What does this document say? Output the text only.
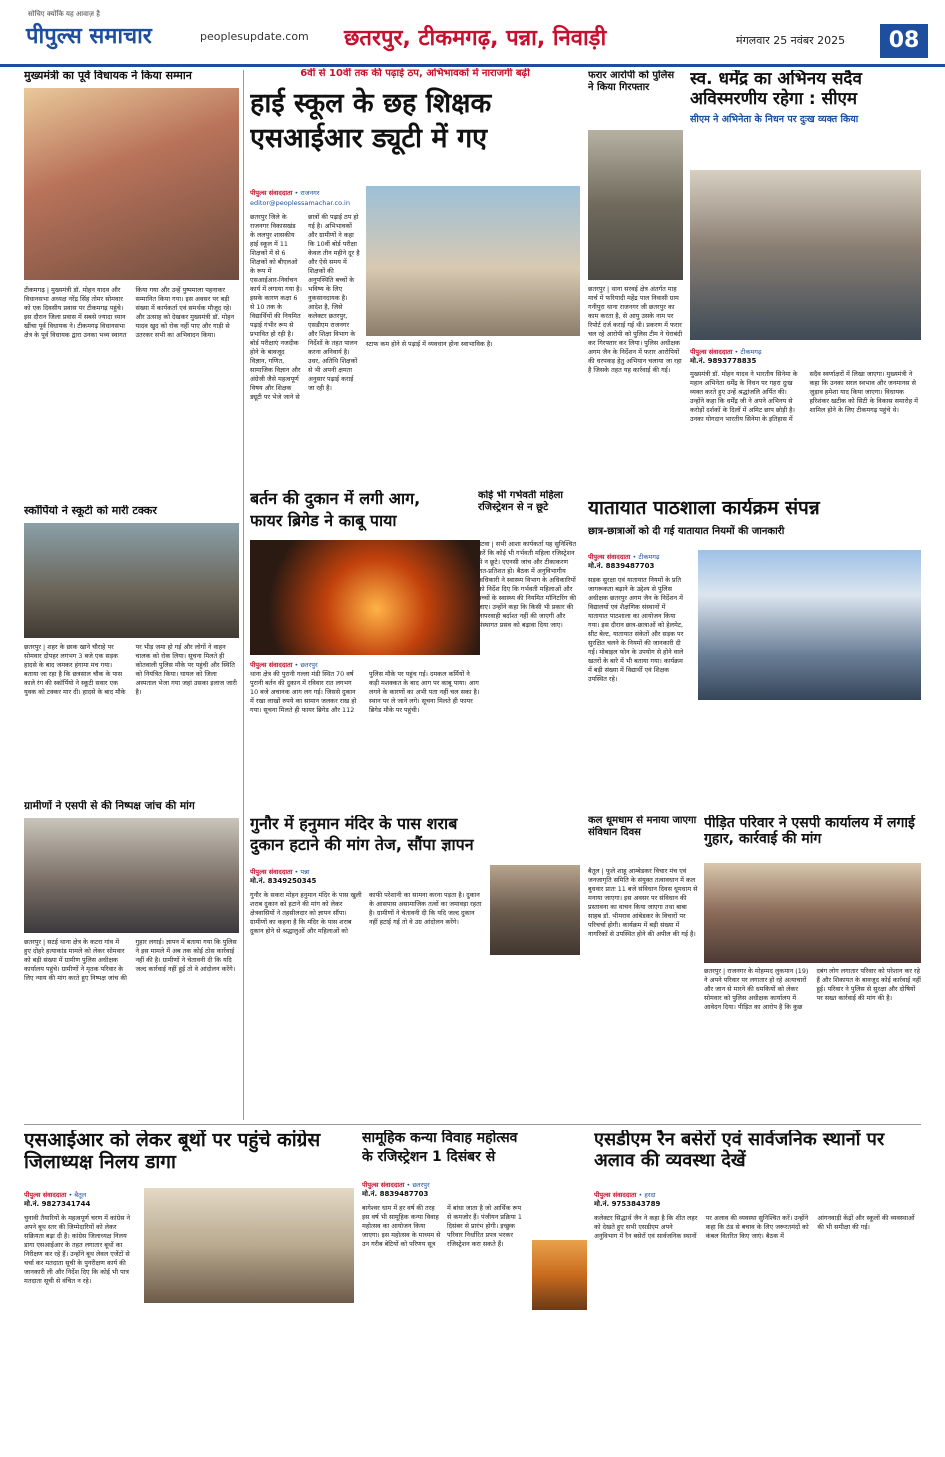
सोचिए क्योंकि यह आवाज़ है
पीपुल्स समाचार	peoplesupdate.com छतरपुर, टीकमगढ़, पन्ना, निवाड़ी	मंगलवार 25 नवंबर 2025	08
मुख्यमंत्री का पूर्व विधायक ने किया सम्मान
टीकमगढ़ | मुख्यमंत्री डॉ. मोहन यादव और विधानसभा अध्यक्ष नरेंद्र सिंह तोमर सोमवार को एक दिवसीय प्रवास पर टीकमगढ़ पहुंचे। इस दौरान जिला प्रवास में सबसे ज्यादा ध्यान खींचा पूर्व विधायक ने। टीकमगढ़ विधानसभा क्षेत्र के पूर्व विधायक द्वारा उनका भव्य स्वागत किया गया और उन्हें पुष्पमाला पहनाकर सम्मानित किया गया। इस अवसर पर बड़ी संख्या में कार्यकर्ता एवं समर्थक मौजूद रहे। और उत्साह को देखकर मुख्यमंत्री डॉ. मोहन यादव खुद को रोक नहीं पाए और गाड़ी से उतरकर सभी का अभिवादन किया।
स्कॉर्पियो ने स्कूटी को मारी टक्कर
छतरपुर | शहर के छाक खाने चौराहे पर सोमवार दोपहर लगभग 3 बजे एक सड़क हादसे के बाद जमकर हंगामा मच गया। बताया जा रहा है कि छत्रसाल चौक के पास काले रंग की स्कॉर्पियो ने स्कूटी सवार एक युवक को टक्कर मार दी। हादसे के बाद मौके पर भीड़ जमा हो गई और लोगों ने वाहन चालक को रोक लिया। सूचना मिलते ही कोतवाली पुलिस मौके पर पहुंची और स्थिति को नियंत्रित किया। घायल को जिला अस्पताल भेजा गया जहां उसका इलाज जारी है।
ग्रामीणों ने एसपी से की निष्पक्ष जांच की मांग
छतरपुर | सटई थाना क्षेत्र के कटरा गांव में हुए दोहरे हत्याकांड मामले को लेकर सोमवार को बड़ी संख्या में ग्रामीण पुलिस अधीक्षक कार्यालय पहुंचे। ग्रामीणों ने मृतक परिवार के लिए न्याय की मांग करते हुए निष्पक्ष जांच की गुहार लगाई। ज्ञापन में बताया गया कि पुलिस ने इस मामले में अब तक कोई ठोस कार्रवाई नहीं की है। ग्रामीणों ने चेतावनी दी कि यदि जल्द कार्रवाई नहीं हुई तो वे आंदोलन करेंगे।
6वीं से 10वीं तक की पढ़ाई ठप, अभिभावकों में नाराजगी बढ़ी
हाई स्कूल के छह शिक्षक
एसआईआर ड्यूटी में गए
पीपुल्स संवाददाता • राजनगर
editor@peoplessamachar.co.in
छतरपुर जिले के राजनगर विकासखंड के ललपुर शासकीय हाई स्कूल में 11 शिक्षकों में से 6 शिक्षकों को बीएलओ के रूप में एसआईआर-निर्वाचन कार्य में लगाया गया है। इसके कारण कक्षा 6 से 10 तक के विद्यार्थियों की नियमित पढ़ाई गंभीर रूप से प्रभावित हो रही है। बोर्ड परीक्षाएं नजदीक होने के बावजूद विज्ञान, गणित, सामाजिक विज्ञान और अंग्रेजी जैसे महत्वपूर्ण विषय और शिक्षक ड्यूटी पर भेजे जाने से छात्रों की पढ़ाई ठप हो गई है। अभिभावकों और ग्रामीणों ने कहा कि 10वीं बोर्ड परीक्षा केवल तीन महीने दूर है और ऐसे समय में शिक्षकों की अनुपस्थिति बच्चों के भविष्य के लिए नुकसानदायक है। आदेश है, जिसे कलेक्टर छतरपुर, एसडीएम राजनगर और शिक्षा विभाग के निर्देशों के तहत पालन करना अनिवार्य है। उधर, अतिथि शिक्षकों से भी अपनी क्षमता अनुसार पढ़ाई कराई जा रही है।
स्टाफ कम होने से पढ़ाई में व्यवधान होना स्वाभाविक है।
बर्तन की दुकान में लगी आग,
फायर ब्रिगेड ने काबू पाया
पीपुल्स संवाददाता • छतरपुर
थाना क्षेत्र की पुरानी गल्ला मंडी स्थित 70 वर्ष पुरानी बर्तन की दुकान में रविवार रात लगभग 10 बजे अचानक आग लग गई। जिससे दुकान में रखा लाखों रुपये का सामान जलकर राख हो गया। सूचना मिलते ही फायर ब्रिगेड और 112 पुलिस मौके पर पहुंच गई। दमकल कर्मियों ने कड़ी मशक्कत के बाद आग पर काबू पाया। आग लगने के कारणों का अभी पता नहीं चल सका है। स्थान पर ले जाने लगे। सूचना मिलते ही फायर ब्रिगेड मौके पर पहुंची।
फरार आरोपी को पुलिस ने किया गिरफ्तार
छतरपुर | थाना सरवई क्षेत्र अंतर्गत माह मार्च में फरियादी महेंद्र पाल निवासी ग्राम गनीपुरा थाना राजनगर जी छतरपुर का काम करता है, से आयु उसके नाम पर रिपोर्ट दर्ज कराई गई थी। प्रकरण में फरार चल रहे आरोपी को पुलिस टीम ने घेराबंदी कर गिरफ्तार कर लिया। पुलिस अधीक्षक अगम जैन के निर्देशन में फरार आरोपियों की धरपकड़ हेतु अभियान चलाया जा रहा है जिसके तहत यह कार्रवाई की गई।
कोई भी गर्भवती महिला रजिस्ट्रेशन से न छूटे
इटवा | सभी आशा कार्यकर्ता यह सुनिश्चित करें कि कोई भी गर्भवती महिला रजिस्ट्रेशन से न छूटे। एएनसी जांच और टीकाकरण शत-प्रतिशत हो। बैठक में अनुविभागीय अधिकारी ने स्वास्थ्य विभाग के अधिकारियों को निर्देश दिए कि गर्भवती महिलाओं और बच्चों के स्वास्थ्य की नियमित मॉनिटरिंग की जाए। उन्होंने कहा कि किसी भी प्रकार की लापरवाही बर्दाश्त नहीं की जाएगी और संस्थागत प्रसव को बढ़ावा दिया जाए।
स्व. धर्मेंद्र का अभिनय सदैव अविस्मरणीय रहेगा : सीएम
सीएम ने अभिनेता के निधन पर दुःख व्यक्त किया
पीपुल्स संवाददाता • टीकमगढ़
मो.नं. 9893778835
मुख्यमंत्री डॉ. मोहन यादव ने भारतीय सिनेमा के महान अभिनेता धर्मेंद्र के निधन पर गहरा दुःख व्यक्त करते हुए उन्हें श्रद्धांजलि अर्पित की। उन्होंने कहा कि धर्मेंद्र जी ने अपने अभिनय से करोड़ों दर्शकों के दिलों में अमिट छाप छोड़ी है। उनका योगदान भारतीय सिनेमा के इतिहास में सदैव स्वर्णाक्षरों में लिखा जाएगा। मुख्यमंत्री ने कहा कि उनका सरल स्वभाव और जनमानस से जुड़ाव हमेशा याद किया जाएगा। विधायक हरिशंकर खटीक को सिटी के विकास समारोह में शामिल होने के लिए टीकमगढ़ पहुंचे थे।
यातायात पाठशाला कार्यक्रम संपन्न
छात्र-छात्राओं को दी गई यातायात नियमों की जानकारी
पीपुल्स संवाददाता • टीकमगढ़
मो.नं. 8839487703
सड़क सुरक्षा एवं यातायात नियमों के प्रति जागरूकता बढ़ाने के उद्देश्य से पुलिस अधीक्षक छतरपुर अगम जैन के निर्देशन में विद्यालयों एवं शैक्षणिक संस्थानों में यातायात पाठशाला का आयोजन किया गया। इस दौरान छात्र-छात्राओं को हेलमेट, सीट बेल्ट, यातायात संकेतों और सड़क पर सुरक्षित चलने के नियमों की जानकारी दी गई। मोबाइल फोन के उपयोग से होने वाले खतरों के बारे में भी बताया गया। कार्यक्रम में बड़ी संख्या में विद्यार्थी एवं शिक्षक उपस्थित रहे।
कल धूमधाम से मनाया जाएगा संविधान दिवस
बैतूल | फूले शाहू आम्बेडकर विचार मंच एवं जनजागृति समिति के संयुक्त तत्वावधान में कल बुधवार प्रातः 11 बजे संविधान दिवस धूमधाम से मनाया जाएगा। इस अवसर पर संविधान की प्रस्तावना का वाचन किया जाएगा तथा बाबा साहब डॉ. भीमराव आंबेडकर के विचारों पर परिचर्चा होगी। कार्यक्रम में बड़ी संख्या में नागरिकों से उपस्थित होने की अपील की गई है।
पीड़ित परिवार ने एसपी कार्यालय में लगाई गुहार, कार्रवाई की मांग
छतरपुर | राजनगर के मोहम्मद लुकमान (19) ने अपने परिवार पर लगातार हो रहे अत्याचारों और जान से मारने की धमकियों को लेकर सोमवार को पुलिस अधीक्षक कार्यालय में आवेदन दिया। पीड़ित का आरोप है कि कुछ दबंग लोग लगातार परिवार को परेशान कर रहे हैं और शिकायत के बावजूद कोई कार्रवाई नहीं हुई। परिवार ने पुलिस से सुरक्षा और दोषियों पर सख्त कार्रवाई की मांग की है।
गुनौर में हनुमान मंदिर के पास शराब
दुकान हटाने की मांग तेज, सौंपा ज्ञापन
पीपुल्स संवाददाता • पन्ना
मो.नं. 8349250345
गुनौर के सकरा मोहन हनुमान मंदिर के पास खुली शराब दुकान को हटाने की मांग को लेकर क्षेत्रवासियों ने तहसीलदार को ज्ञापन सौंपा। ग्रामीणों का कहना है कि मंदिर के पास शराब दुकान होने से श्रद्धालुओं और महिलाओं को काफी परेशानी का सामना करना पड़ता है। दुकान के आसपास असामाजिक तत्वों का जमावड़ा रहता है। ग्रामीणों ने चेतावनी दी कि यदि जल्द दुकान नहीं हटाई गई तो वे उग्र आंदोलन करेंगे।
एसआईआर को लेकर बूथों पर पहुंचे कांग्रेस जिलाध्यक्ष निलय डागा
पीपुल्स संवाददाता • बैतूल
मो.नं. 9827341744
चुनावी तैयारियों के महत्वपूर्ण चरण में कांग्रेस ने अपने बूथ स्तर की जिम्मेदारियों को लेकर सक्रियता बढ़ा दी है। कांग्रेस जिलाध्यक्ष निलय डागा एसआईआर के तहत लगातार बूथों का निरीक्षण कर रहे हैं। उन्होंने बूथ लेवल एजेंटों से चर्चा कर मतदाता सूची के पुनरीक्षण कार्य की जानकारी ली और निर्देश दिए कि कोई भी पात्र मतदाता सूची से वंचित न रहे।
सामूहिक कन्या विवाह महोत्सव
के रजिस्ट्रेशन 1 दिसंबर से
पीपुल्स संवाददाता • छतरपुर
मो.नं. 8839487703
बागेश्वर धाम में हर वर्ष की तरह इस वर्ष भी सामूहिक कन्या विवाह महोत्सव का आयोजन किया जाएगा। इस महोत्सव के माध्यम से उन गरीब बेटियों को परिणय सूत्र में बांधा जाता है जो आर्थिक रूप से कमजोर हैं। पंजीयन प्रक्रिया 1 दिसंबर से प्रारंभ होगी। इच्छुक परिवार निर्धारित प्रपत्र भरकर रजिस्ट्रेशन करा सकते हैं।
एसडीएम रैन बसेरों एवं सार्वजनिक स्थानों पर अलाव की व्यवस्था देखें
पीपुल्स संवाददाता • हरदा
मो.नं. 9753843789
कलेक्टर सिद्धार्थ जैन ने कहा है कि शीत लहर को देखते हुए सभी एसडीएम अपने अनुविभाग में रैन बसेरों एवं सार्वजनिक स्थानों पर अलाव की व्यवस्था सुनिश्चित करें। उन्होंने कहा कि ठंड से बचाव के लिए जरूरतमंदों को कंबल वितरित किए जाएं। बैठक में आंगनवाड़ी केंद्रों और स्कूलों की व्यवस्थाओं की भी समीक्षा की गई।
